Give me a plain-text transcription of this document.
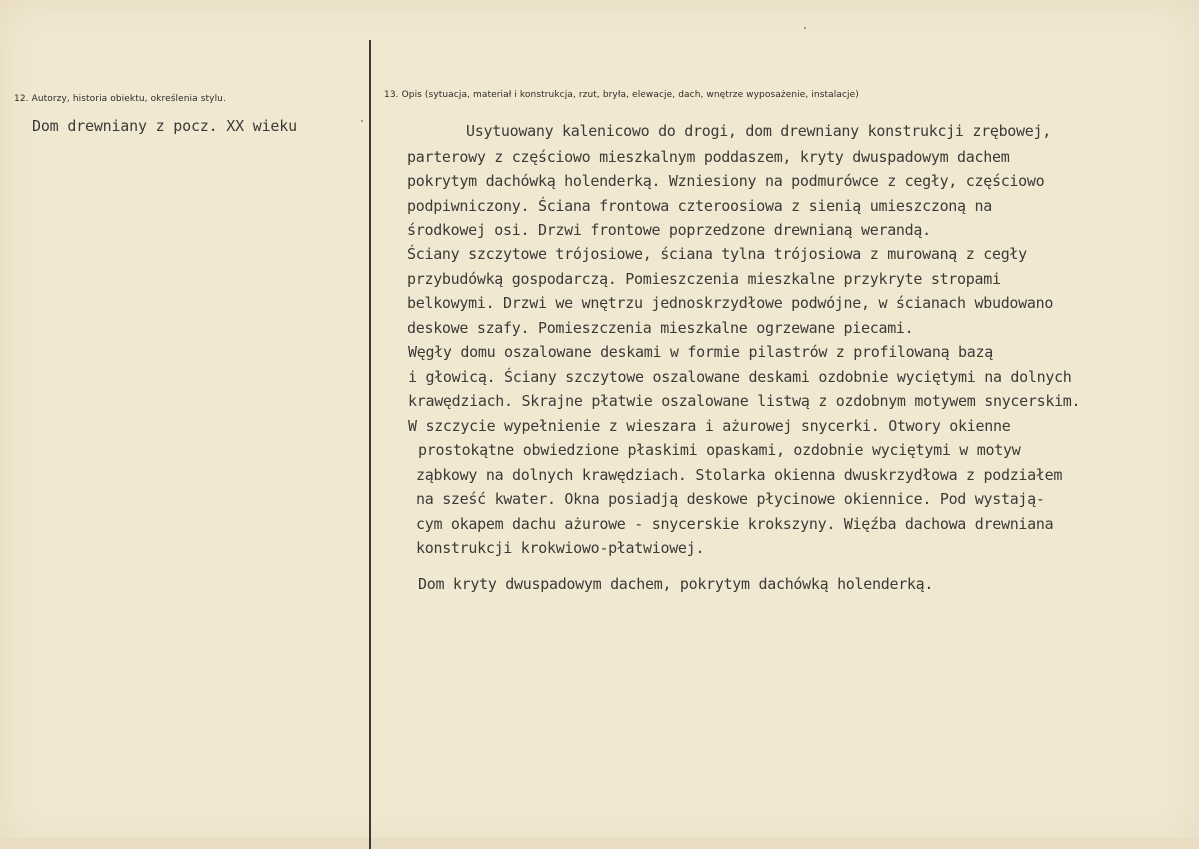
12. Autorzy, historia obiektu, określenia stylu.
Dom drewniany z pocz. XX wieku
13. Opis (sytuacja, materiał i konstrukcja, rzut, bryła, elewacje, dach, wnętrze wyposażenie, instalacje)
Usytuowany kalenicowo do drogi, dom drewniany konstrukcji zrębowej,
parterowy z częściowo mieszkalnym poddaszem, kryty dwuspadowym dachem
pokrytym dachówką holenderką. Wzniesiony na podmurówce z cegły, częściowo
podpiwniczony. Ściana frontowa czteroosiowa z sienią umieszczoną na
środkowej osi. Drzwi frontowe poprzedzone drewnianą werandą.
Ściany szczytowe trójosiowe, ściana tylna trójosiowa z murowaną z cegły
przybudówką gospodarczą. Pomieszczenia mieszkalne przykryte stropami
belkowymi. Drzwi we wnętrzu jednoskrzydłowe podwójne, w ścianach wbudowano
deskowe szafy. Pomieszczenia mieszkalne ogrzewane piecami.
Węgły domu oszalowane deskami w formie pilastrów z profilowaną bazą
i głowicą. Ściany szczytowe oszalowane deskami ozdobnie wyciętymi na dolnych
krawędziach. Skrajne płatwie oszalowane listwą z ozdobnym motywem snycerskim.
W szczycie wypełnienie z wieszara i ażurowej snycerki. Otwory okienne
prostokątne obwiedzione płaskimi opaskami, ozdobnie wyciętymi w motyw
ząbkowy na dolnych krawędziach. Stolarka okienna dwuskrzydłowa z podziałem
na sześć kwater. Okna posiadją deskowe płycinowe okiennice. Pod wystają-
cym okapem dachu ażurowe - snycerskie krokszyny. Więźba dachowa drewniana
konstrukcji krokwiowo-płatwiowej.
Dom kryty dwuspadowym dachem, pokrytym dachówką holenderką.
